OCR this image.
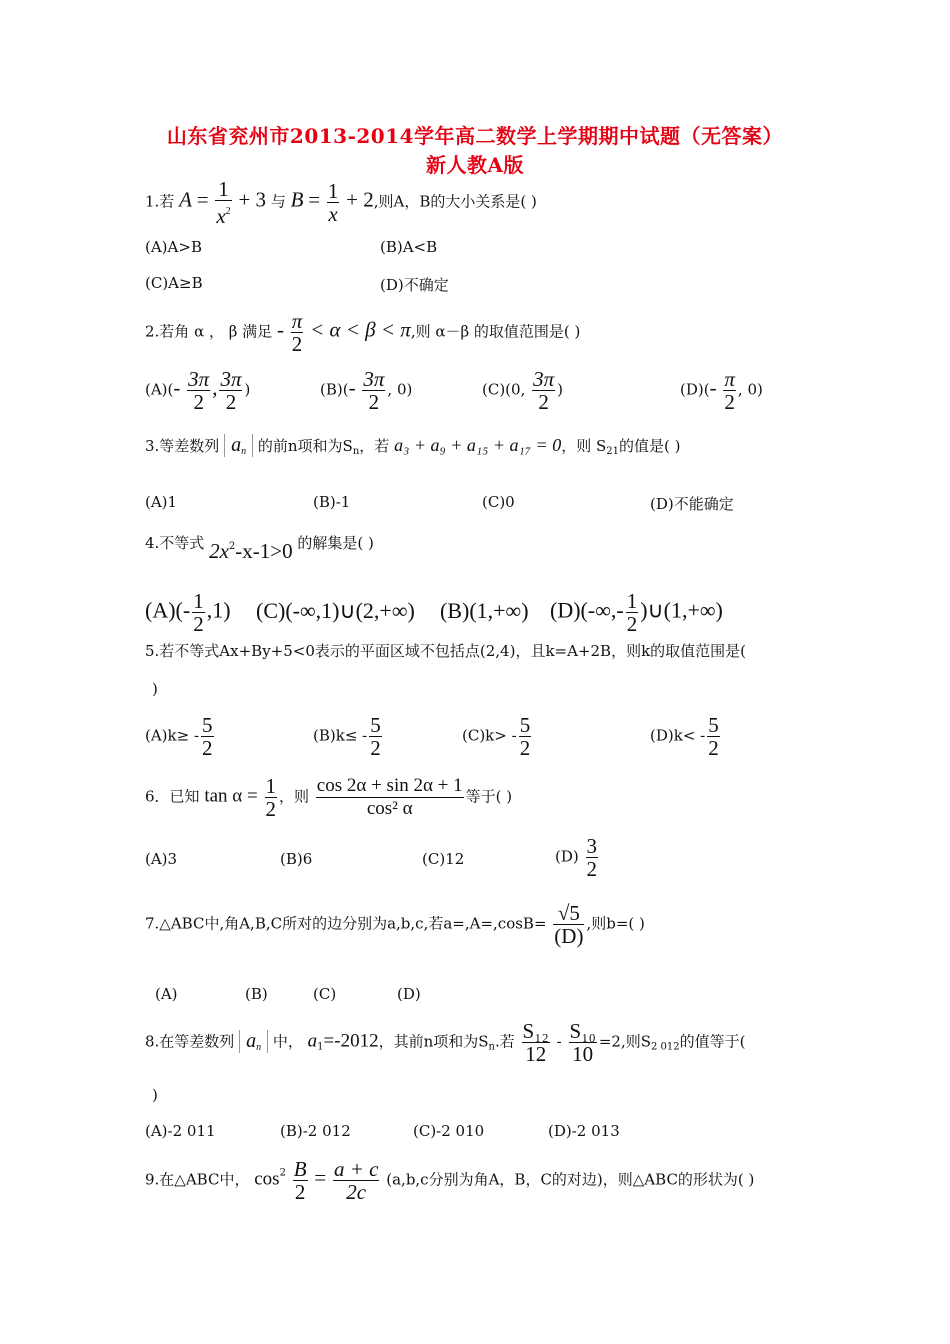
山东省兖州市2013-2014学年高二数学上学期期中试题（无答案）
新人教A版
1.若 $A = \frac{1}{x^2} + 3$ 与 $B = \frac{1}{x} + 2$,则A，B的大小关系是( )
(A)A>B	(B)A<B
(C)A≥B	(D)不确定
2.若角 α ， β 满足 - $\frac{\pi}{2} < \alpha < \beta < \pi$,则 α－β 的取值范围是( )
$(A)(- \frac{3\pi}{2}$ , $\frac{3\pi}{2}$ )	$(B)(- \frac{3\pi}{2}$ , 0)	(C)(0, $\frac{3\pi}{2}$ )	$(D)(- \frac{\pi}{2}$ , 0)
3.等差数列 $a_n$ 的前n项和为$S_n$，若 a₃ + a₉ + a₁₅ + a₁₇ = 0，则 $S_{21}$的值是( )
(A)1	(B)-1	(C)0	(D)不能确定
4.不等式 $2x^2-x-1>0$ 的解集是( )
$(A)(- \frac{1}{2} ,1)$ (C)(-∞,1)∪(2,+∞) (B)(1,+∞) $(D)(-\infty,- \frac{1}{2}$ )∪(1,+∞)
5.若不等式Ax+By+5<0表示的平面区域不包括点(2,4)，且k=A+2B，则k的取值范围是(
)
$(A)k\ge - \frac{5}{2}$	$(B)k\le - \frac{5}{2}$	$(C)k> - \frac{5}{2}$	$(D)k< - \frac{5}{2}$
6．已知 $\tan \alpha = \frac{1}{2}$ ，则 $\frac{\cos 2\alpha + \sin 2\alpha + 1}{\text{cos² α}}$ 等于( )
(A)3	(B)6	(C)12	$(D) \frac{3}{2}$
7.△ABC中,角A,B,C所对的边分别为a,b,c,若$a=,A=,\cos B= \frac{√5}{(D)}$ ,则b=( )
(A)	(B)	(C)	(D)
8.在等差数列 $a_n$ 中， $a_1=-2012$，其前n项和为$S_n$.若 $\frac{\text{S₁₂}}{12} - \frac{\text{S₁₀}}{10} =2$,则$S_{2 012}$的值等于(
)
(A)-2 011	(B)-2 012	(C)-2 010	(D)-2 013
9.在△ABC中， $\cos^2 \frac{B}{2} = \frac{a + c}{2c} (a,b,c$分别为角A，B，C的对边)，则△ABC的形状为( )
